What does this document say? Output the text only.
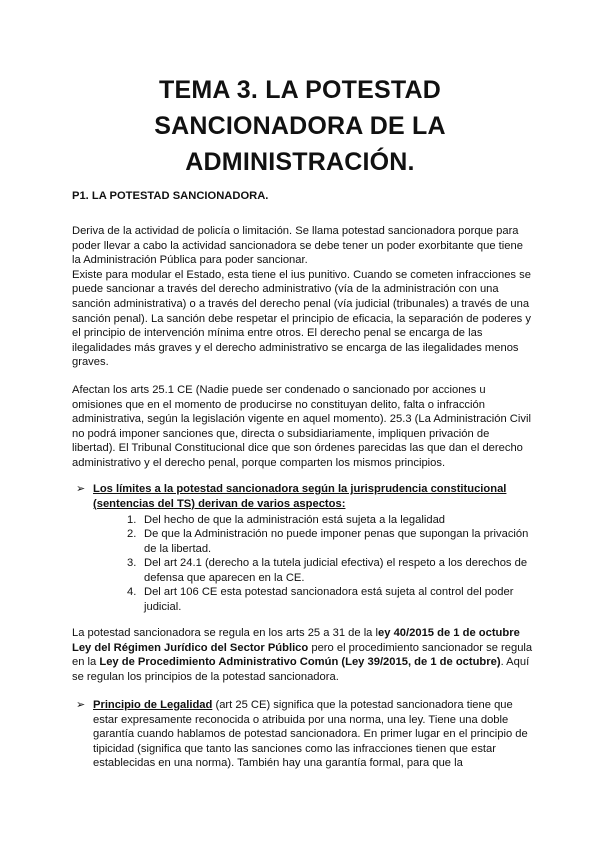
TEMA 3. LA POTESTAD
SANCIONADORA DE LA
ADMINISTRACIÓN.
P1. LA POTESTAD SANCIONADORA.
Deriva de la actividad de policía o limitación. Se llama potestad sancionadora porque para poder llevar a cabo la actividad sancionadora se debe tener un poder exorbitante que tiene la Administración Pública para poder sancionar.
Existe para modular el Estado, esta tiene el ius punitivo. Cuando se cometen infracciones se puede sancionar a través del derecho administrativo (vía de la administración con una sanción administrativa) o a través del derecho penal (vía judicial (tribunales) a través de una sanción penal). La sanción debe respetar el principio de eficacia, la separación de poderes y el principio de intervención mínima entre otros. El derecho penal se encarga de las ilegalidades más graves y el derecho administrativo se encarga de las ilegalidades menos graves.
Afectan los arts 25.1 CE (Nadie puede ser condenado o sancionado por acciones u omisiones que en el momento de producirse no constituyan delito, falta o infracción administrativa, según la legislación vigente en aquel momento). 25.3 (La Administración Civil no podrá imponer sanciones que, directa o subsidiariamente, impliquen privación de libertad). El Tribunal Constitucional dice que son órdenes parecidas las que dan el derecho administrativo y el derecho penal, porque comparten los mismos principios.
➢ Los límites a la potestad sancionadora según la jurisprudencia constitucional (sentencias del TS) derivan de varios aspectos:
1. Del hecho de que la administración está sujeta a la legalidad
2. De que la Administración no puede imponer penas que supongan la privación de la libertad.
3. Del art 24.1 (derecho a la tutela judicial efectiva) el respeto a los derechos de defensa que aparecen en la CE.
4. Del art 106 CE esta potestad sancionadora está sujeta al control del poder judicial.
La potestad sancionadora se regula en los arts 25 a 31 de la ley 40/2015 de 1 de octubre Ley del Régimen Jurídico del Sector Público pero el procedimiento sancionador se regula en la Ley de Procedimiento Administrativo Común (Ley 39/2015, de 1 de octubre). Aquí se regulan los principios de la potestad sancionadora.
➢ Principio de Legalidad (art 25 CE) significa que la potestad sancionadora tiene que estar expresamente reconocida o atribuida por una norma, una ley. Tiene una doble garantía cuando hablamos de potestad sancionadora. En primer lugar en el principio de tipicidad (significa que tanto las sanciones como las infracciones tienen que estar establecidas en una norma). También hay una garantía formal, para que la
